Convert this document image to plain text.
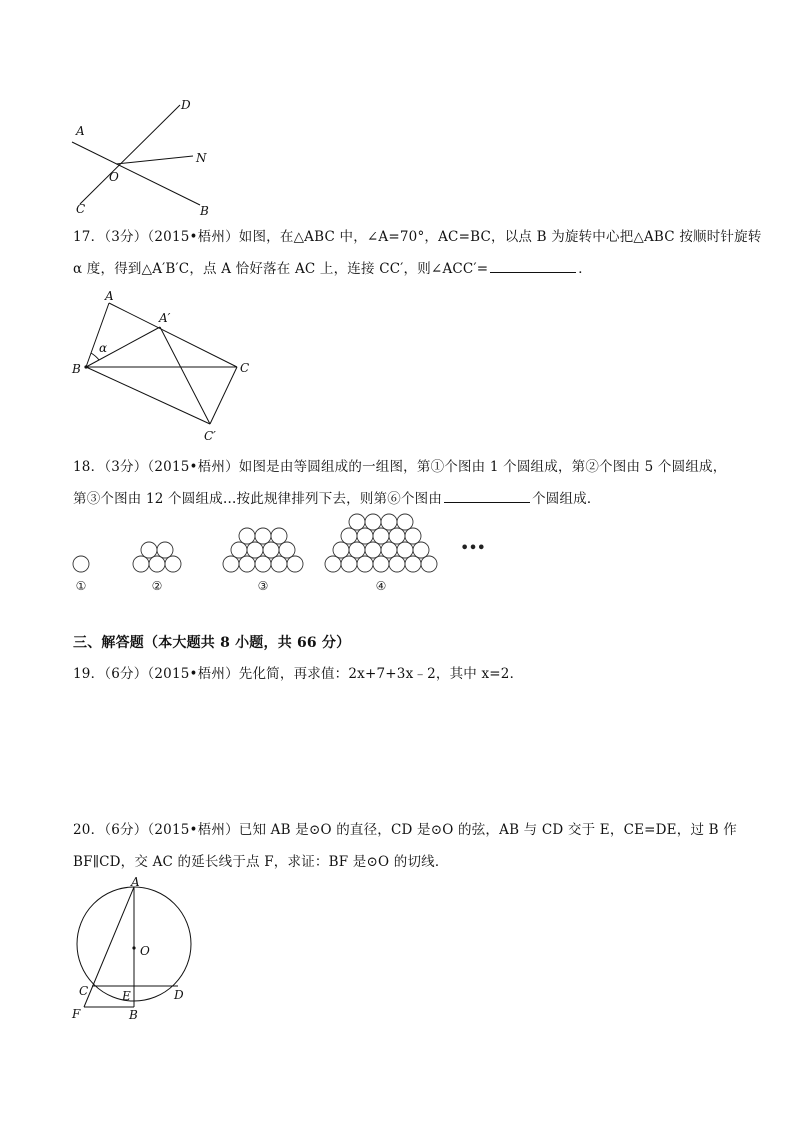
D
A
N
O
C	B
17．（3分）（2015•梧州）如图，在△ABC 中，∠A=70°，AC=BC，以点 B 为旋转中心把△ABC 按顺时针旋转
α 度，得到△A′B′C，点 A 恰好落在 AC 上，连接 CC′，则∠ACC′=	．
A
A′
α
B	C
C′
18．（3分）（2015•梧州）如图是由等圆组成的一组图，第①个图由 1 个圆组成，第②个图由 5 个圆组成，
第③个图由 12 个圆组成…按此规律排列下去，则第⑥个图由	个圆组成．
•••
①	②	③	④
三、解答题（本大题共 8 小题，共 66 分）
19．（6分）（2015•梧州）先化简，再求值：2x+7+3x﹣2，其中 x=2．
20．（6分）（2015•梧州）已知 AB 是⊙O 的直径，CD 是⊙O 的弦，AB 与 CD 交于 E，CE=DE，过 B 作
BF∥CD，交 AC 的延长线于点 F，求证：BF 是⊙O 的切线．
A
O
C	E	D
F	B
